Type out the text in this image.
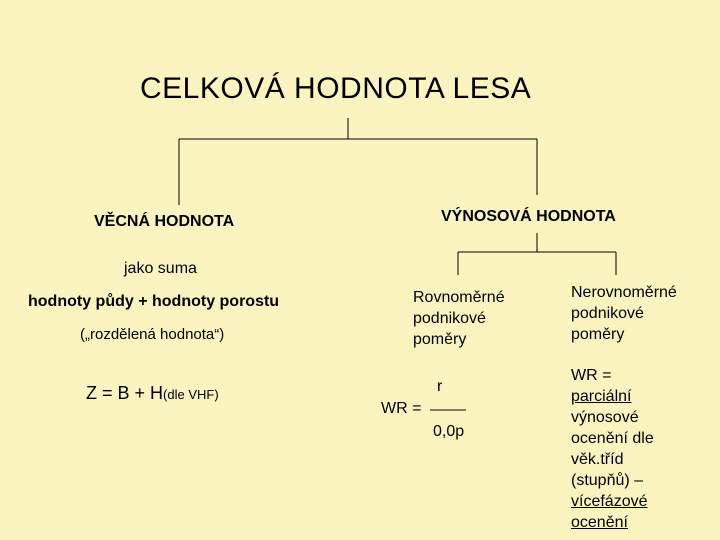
CELKOVÁ HODNOTA LESA
VĚCNÁ HODNOTA
jako suma
hodnoty půdy + hodnoty porostu
(„rozdělená hodnota“)
Z = B + H(dle VHF)
VÝNOSOVÁ HODNOTA
Rovnoměrné
podnikové
poměry
r
WR =
0,0p
Nerovnoměrné
podnikové
poměry
WR =
parciální
výnosové
ocenění dle
věk.tříd
(stupňů) –
vícefázové
ocenění
